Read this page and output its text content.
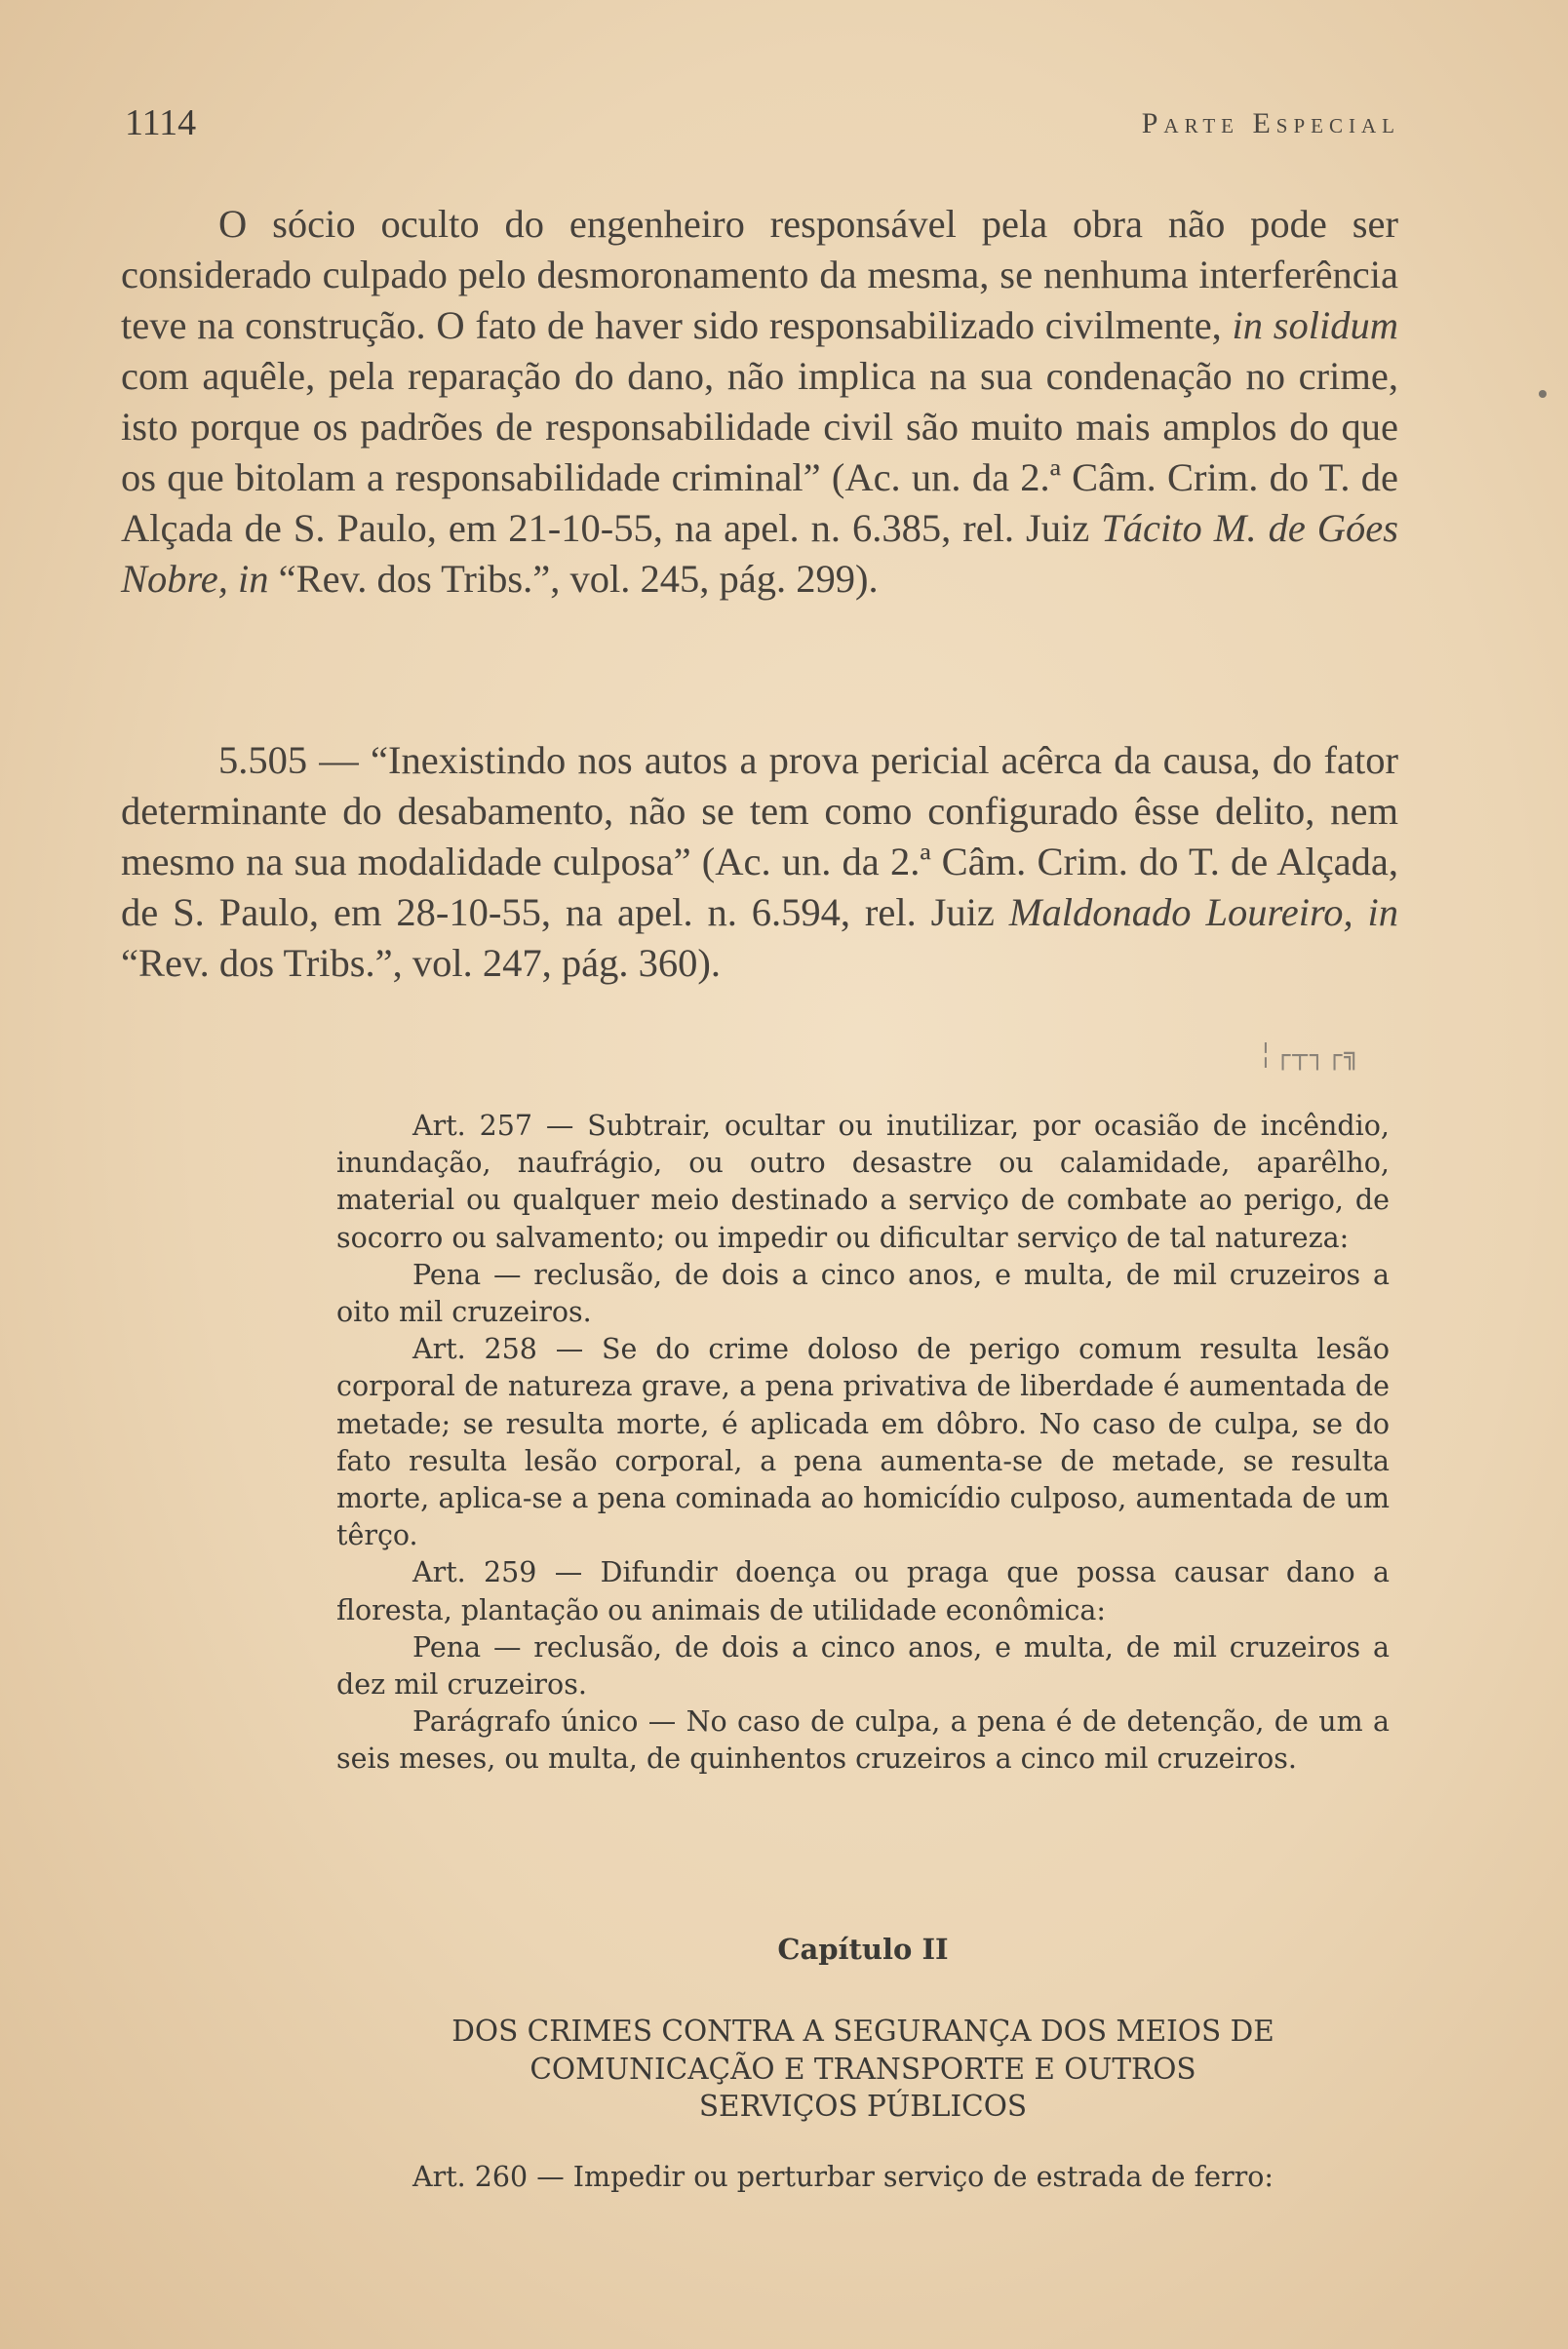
1114	Parte Especial

O sócio oculto do engenheiro responsável pela obra não pode ser considerado culpado pelo desmoronamento da mesma, se nenhuma interferência teve na construção. O fato de haver sido responsabilizado civilmente, in solidum com aquêle, pela reparação do dano, não implica na sua condenação no crime, isto porque os padrões de responsabilidade civil são muito mais amplos do que os que bitolam a responsabilidade criminal” (Ac. un. da 2.ª Câm. Crim. do T. de Alçada de S. Paulo, em 21-10-55, na apel. n. 6.385, rel. Juiz Tácito M. de Góes Nobre, in “Rev. dos Tribs.”, vol. 245, pág. 299).

5.505 — “Inexistindo nos autos a prova pericial acêrca da causa, do fator determinante do desabamento, não se tem como configurado êsse delito, nem mesmo na sua modalidade culposa” (Ac. un. da 2.ª Câm. Crim. do T. de Alçada, de S. Paulo, em 28-10-55, na apel. n. 6.594, rel. Juiz Maldonado Loureiro, in “Rev. dos Tribs.”, vol. 247, pág. 360).

╎┌┬┐┌╗

Art. 257 — Subtrair, ocultar ou inutilizar, por ocasião de incêndio, inundação, naufrágio, ou outro desastre ou calamidade, aparêlho, material ou qualquer meio destinado a serviço de combate ao perigo, de socorro ou salvamento; ou impedir ou dificultar serviço de tal natureza:

Pena — reclusão, de dois a cinco anos, e multa, de mil cruzeiros a oito mil cruzeiros.

Art. 258 — Se do crime doloso de perigo comum resulta lesão corporal de natureza grave, a pena privativa de liberdade é aumentada de metade; se resulta morte, é aplicada em dôbro. No caso de culpa, se do fato resulta lesão corporal, a pena aumenta-se de metade, se resulta morte, aplica-se a pena cominada ao homicídio culposo, aumentada de um têrço.

Art. 259 — Difundir doença ou praga que possa causar dano a floresta, plantação ou animais de utilidade econômica:

Pena — reclusão, de dois a cinco anos, e multa, de mil cruzeiros a dez mil cruzeiros.

Parágrafo único — No caso de culpa, a pena é de detenção, de um a seis meses, ou multa, de quinhentos cruzeiros a cinco mil cruzeiros.

Capítulo II
DOS CRIMES CONTRA A SEGURANÇA DOS MEIOS DE
COMUNICAÇÃO E TRANSPORTE E OUTROS
SERVIÇOS PÚBLICOS

Art. 260 — Impedir ou perturbar serviço de estrada de ferro:
